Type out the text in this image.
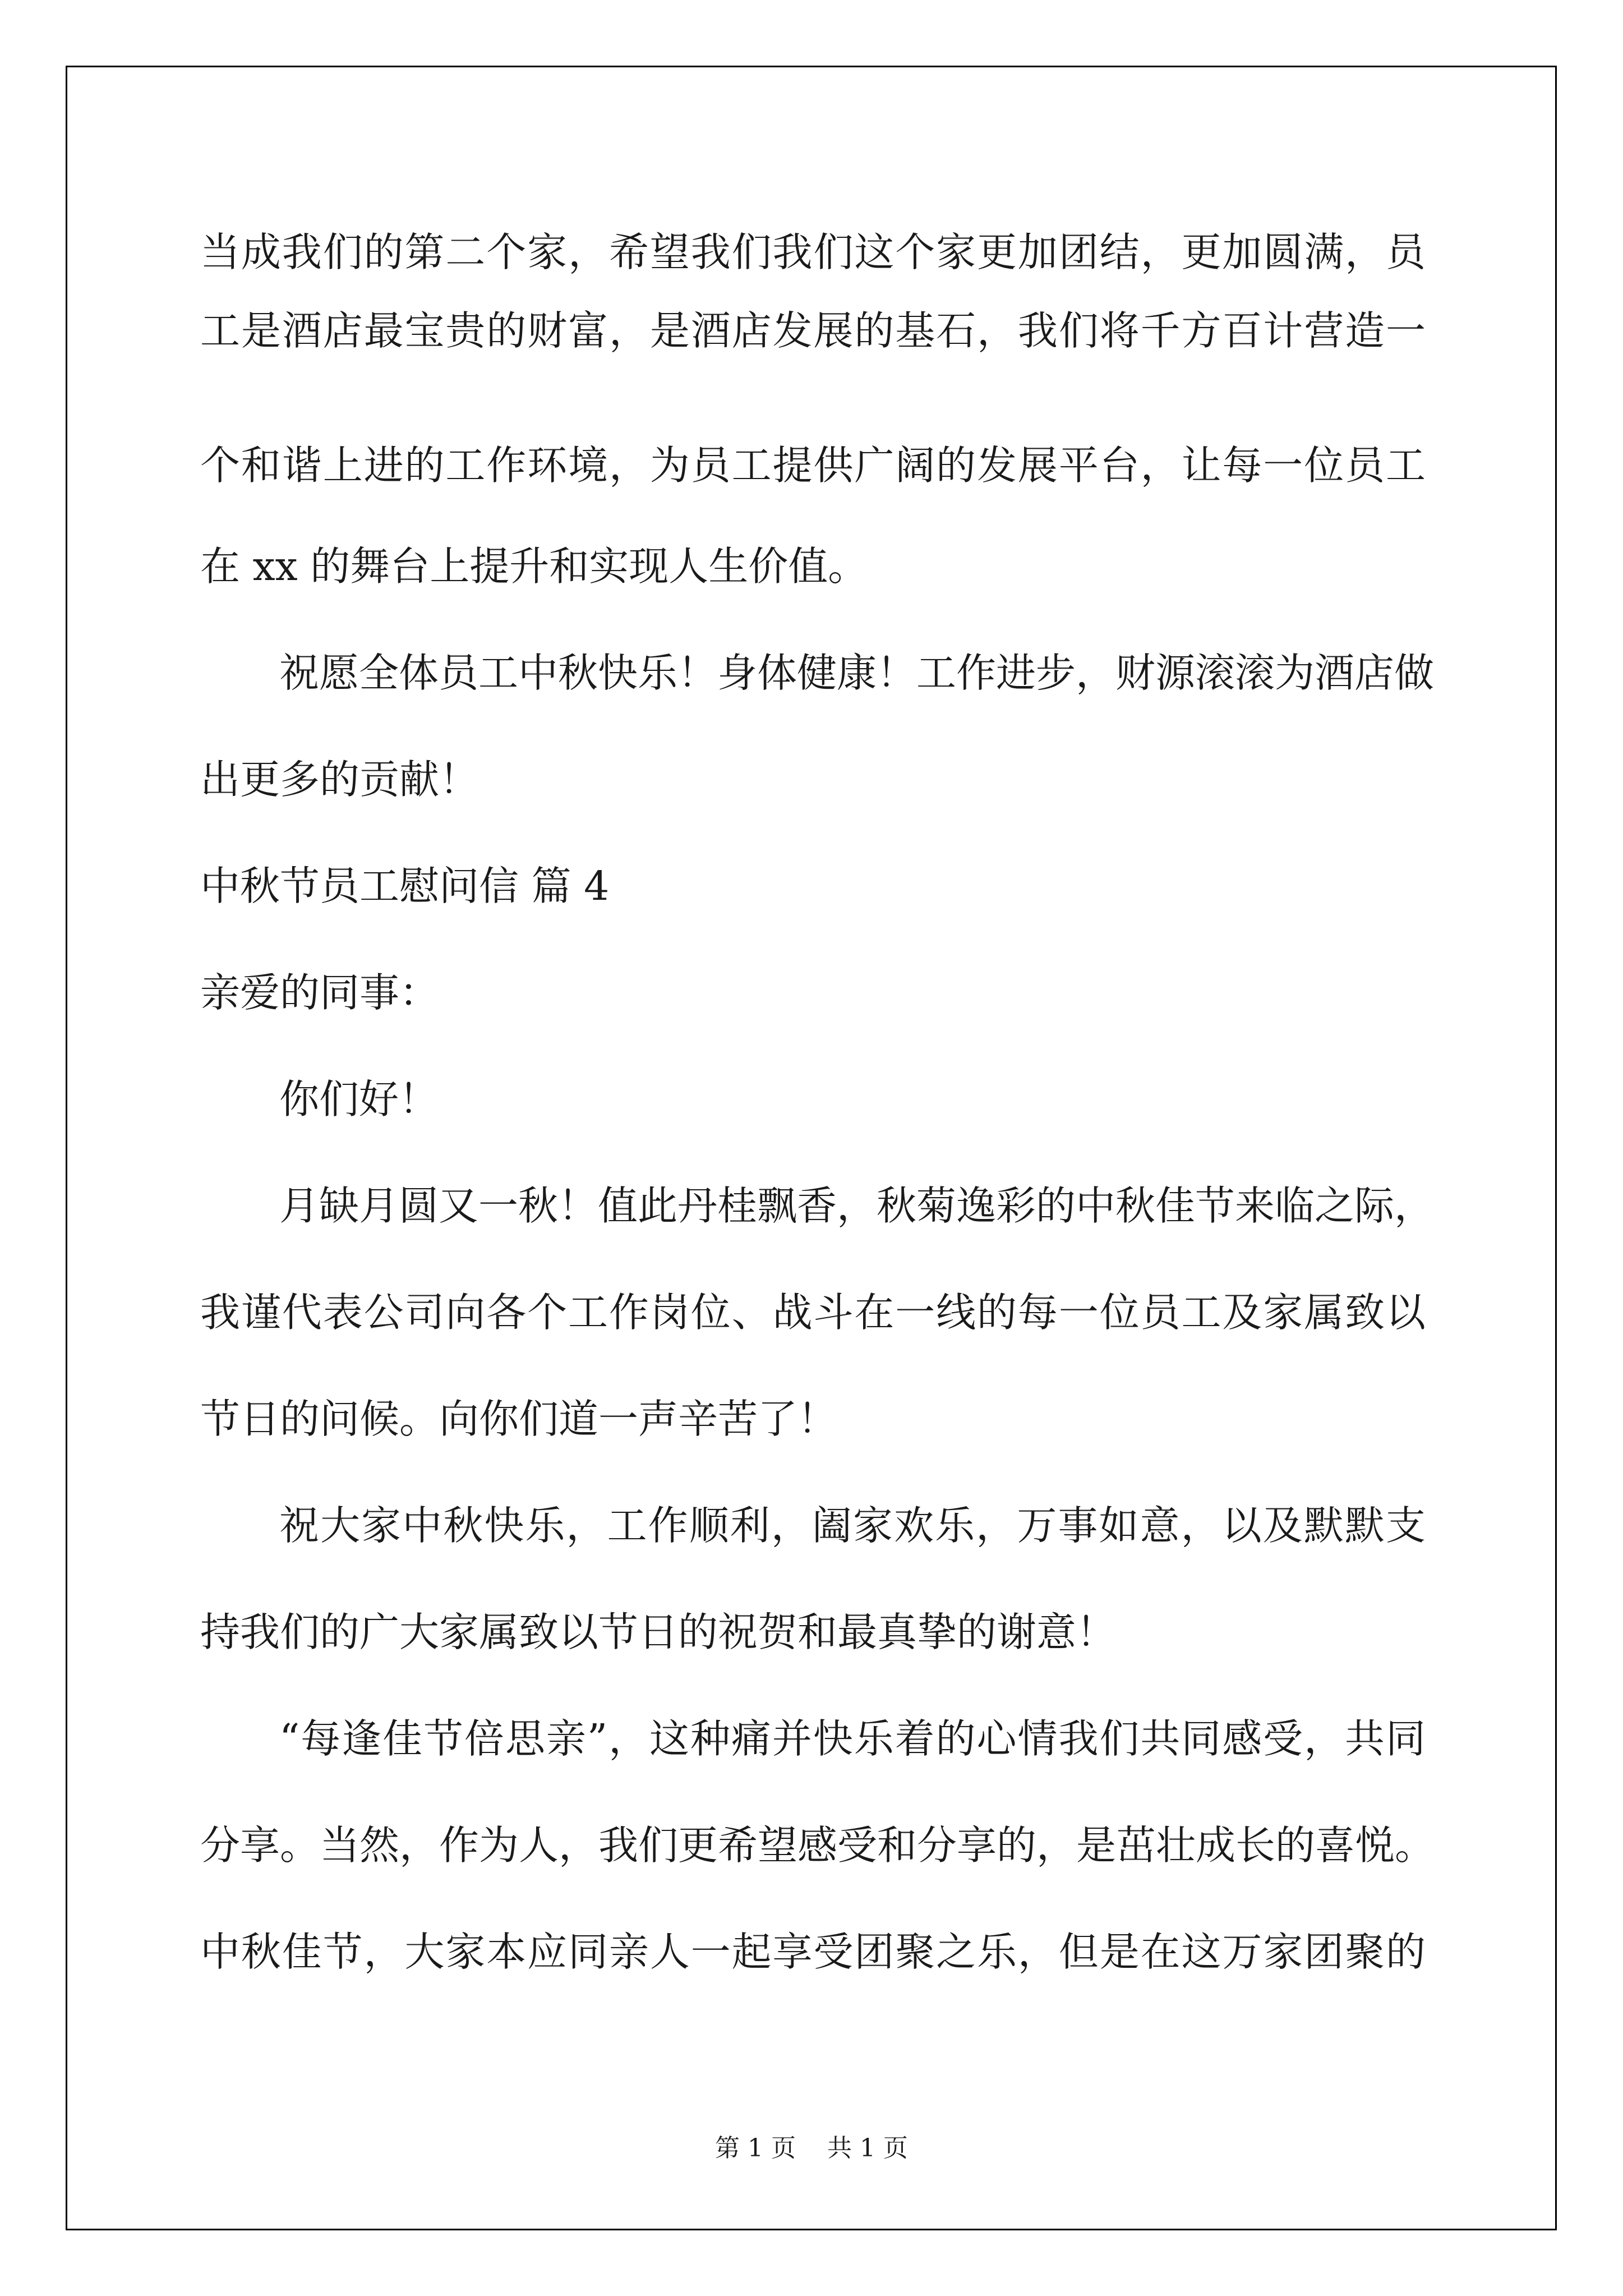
当成我们的第二个家，希望我们我们这个家更加团结，更加圆满，员
工是酒店最宝贵的财富，是酒店发展的基石，我们将千方百计营造一
个和谐上进的工作环境，为员工提供广阔的发展平台，让每一位员工
在 xx 的舞台上提升和实现人生价值。
祝愿全体员工中秋快乐！身体健康！工作进步，财源滚滚为酒店做
出更多的贡献！
中秋节员工慰问信 篇 4
亲爱的同事：
你们好！
月缺月圆又一秋！值此丹桂飘香，秋菊逸彩的中秋佳节来临之际，
我谨代表公司向各个工作岗位、战斗在一线的每一位员工及家属致以
节日的问候。向你们道一声辛苦了！
祝大家中秋快乐，工作顺利，阖家欢乐，万事如意，以及默默支
持我们的广大家属致以节日的祝贺和最真挚的谢意！
“每逢佳节倍思亲”，这种痛并快乐着的心情我们共同感受，共同
分享。当然，作为人，我们更希望感受和分享的，是茁壮成长的喜悦。
中秋佳节，大家本应同亲人一起享受团聚之乐，但是在这万家团聚的
第 1 页    共 1 页
